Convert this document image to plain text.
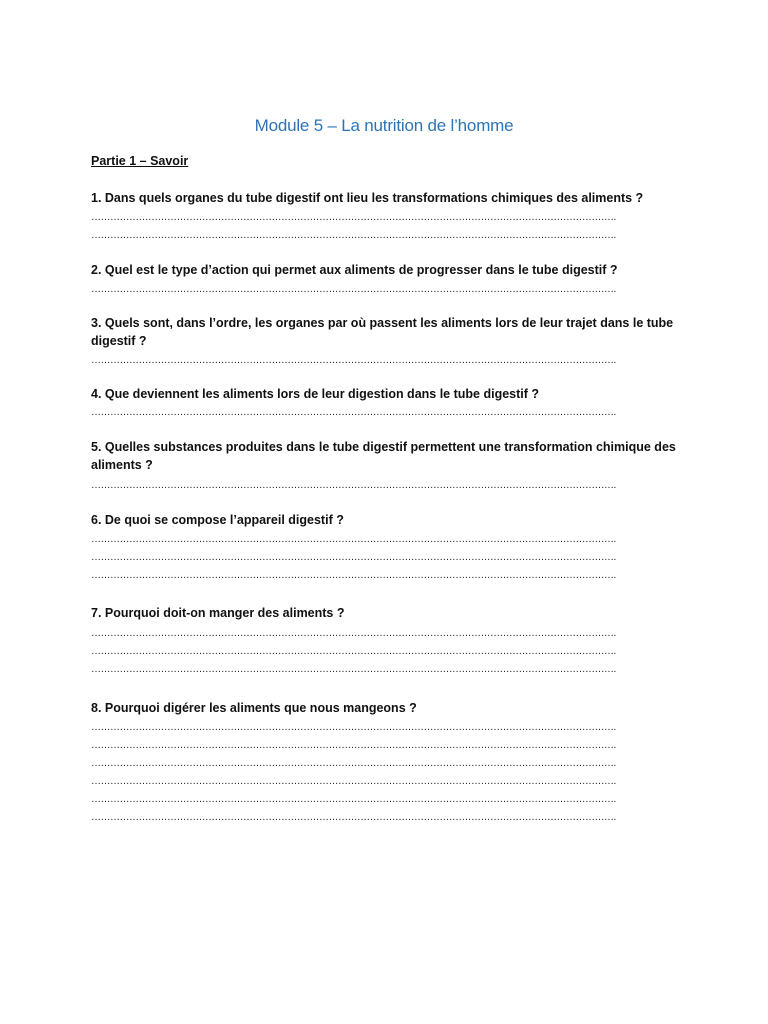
Module 5 – La nutrition de l’homme
Partie 1 – Savoir
1. Dans quels organes du tube digestif ont lieu les transformations chimiques des aliments ?
………………………………………………………………………………………………………………………………………………….
………………………………………………………………………………………………………………………………………………….
2. Quel est le type d’action qui permet aux aliments de progresser dans le tube digestif ?
………………………………………………………………………………………………………………………………………………….
3. Quels sont, dans l’ordre, les organes par où passent les aliments lors de leur trajet dans le tube digestif ?
………………………………………………………………………………………………………………………………………………….
4. Que deviennent les aliments lors de leur digestion dans le tube digestif ?
………………………………………………………………………………………………………………………………………………….
5. Quelles substances produites dans le tube digestif permettent une transformation chimique des aliments ?
………………………………………………………………………………………………………………………………………………….
6. De quoi se compose l’appareil digestif ?
………………………………………………………………………………………………………………………………………………….
………………………………………………………………………………………………………………………………………………….
………………………………………………………………………………………………………………………………………………….
7. Pourquoi doit-on manger des aliments ?
………………………………………………………………………………………………………………………………………………….
………………………………………………………………………………………………………………………………………………….
………………………………………………………………………………………………………………………………………………….
8. Pourquoi digérer les aliments que nous mangeons ?
………………………………………………………………………………………………………………………………………………….
………………………………………………………………………………………………………………………………………………….
………………………………………………………………………………………………………………………………………………….
………………………………………………………………………………………………………………………………………………….
………………………………………………………………………………………………………………………………………………….
………………………………………………………………………………………………………………………………………………….
